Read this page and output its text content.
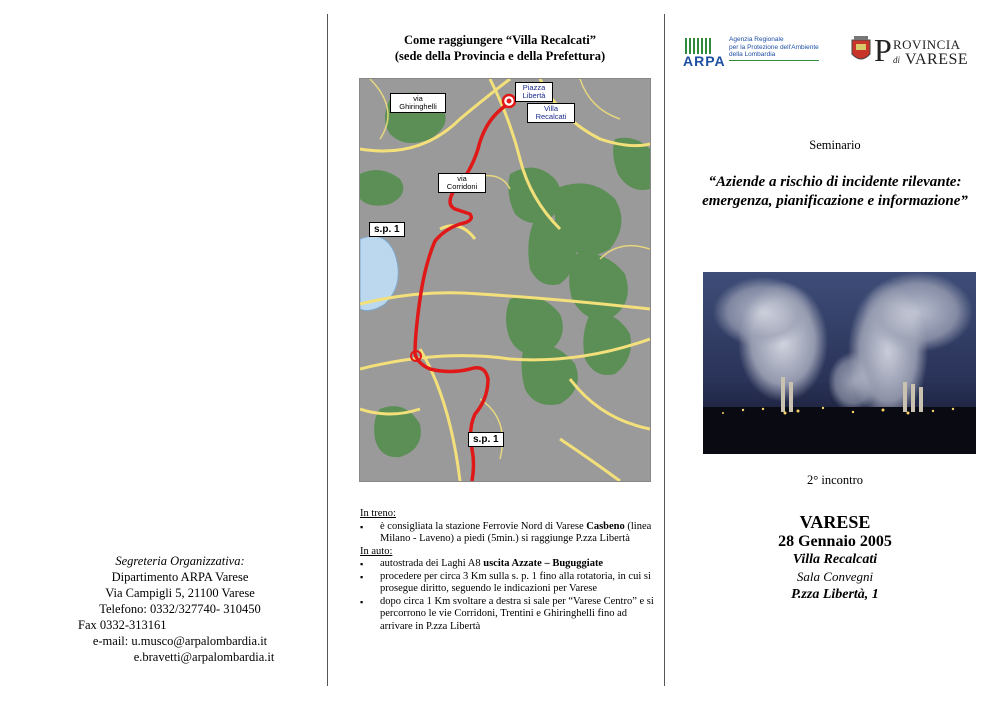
Segreteria Organizzativa:
Dipartimento ARPA Varese
Via Campigli 5, 21100 Varese
Telefono: 0332/327740- 310450
Fax 0332-313161
e-mail: u.musco@arpalombardia.it
e.bravetti@arpalombardia.it
Come raggiungere “Villa Recalcati”
(sede della Provincia e della Prefettura)
via
Ghiringhelli
Piazza
Libertà
Villa
Recalcati
via
Corridoni
s.p. 1
s.p. 1
In treno:
▪ è consigliata la stazione Ferrovie Nord di Varese Casbeno (linea Milano - Laveno) a piedi (5min.) si raggiunge P.zza Libertà
In auto:
▪ autostrada dei Laghi A8 uscita Azzate – Buguggiate
▪ procedere per circa 3 Km sulla s. p. 1 fino alla rotatoria, in cui si prosegue diritto, seguendo le indicazioni per Varese
▪ dopo circa 1 Km svoltare a destra si sale per “Varese Centro” e si percorrono le vie Corridoni, Trentini e Ghiringhelli fino ad arrivare in P.zza Libertà
ARPA
Agenzia Regionale
per la Protezione dell'Ambiente
della Lombardia	P ROVINCIA
di VARESE
Seminario
“Aziende a rischio di incidente rilevante: emergenza, pianificazione e informazione”
2° incontro
VARESE
28 Gennaio 2005
Villa Recalcati
Sala Convegni
P.zza Libertà, 1
